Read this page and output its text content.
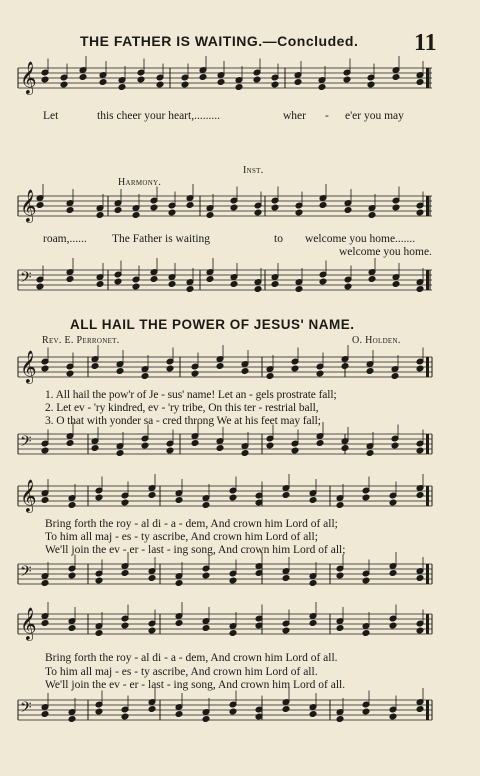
THE FATHER IS WAITING.—Concluded. 11
𝄞
𝄞
𝄢
𝄞
𝄢
𝄞
𝄢
𝄞
𝄢
Let	this cheer your heart,.........	wher - e'er you may
Harmony.
Inst.
roam,...... The Father is waiting	to welcome you home.......
welcome you home.
ALL HAIL THE POWER OF JESUS' NAME.
Rev. E. Perronet.	O. Holden.
1. All hail the pow'r of Je - sus' name! Let an - gels prostrate fall;
2. Let ev - 'ry kindred, ev - 'ry tribe, On this ter - restrial ball,
3. O that with yonder sa - cred throng We at his feet may fall;
Bring forth the roy - al di - a - dem, And crown him Lord of all;
To him all maj - es - ty ascribe, And crown him Lord of all;
We'll join the ev - er - last - ing song, And crown him Lord of all;
Bring forth the roy - al di - a - dem, And crown him Lord of all.
To him all maj - es - ty ascribe, And crown him Lord of all.
We'll join the ev - er - last - ing song, And crown him Lord of all.
